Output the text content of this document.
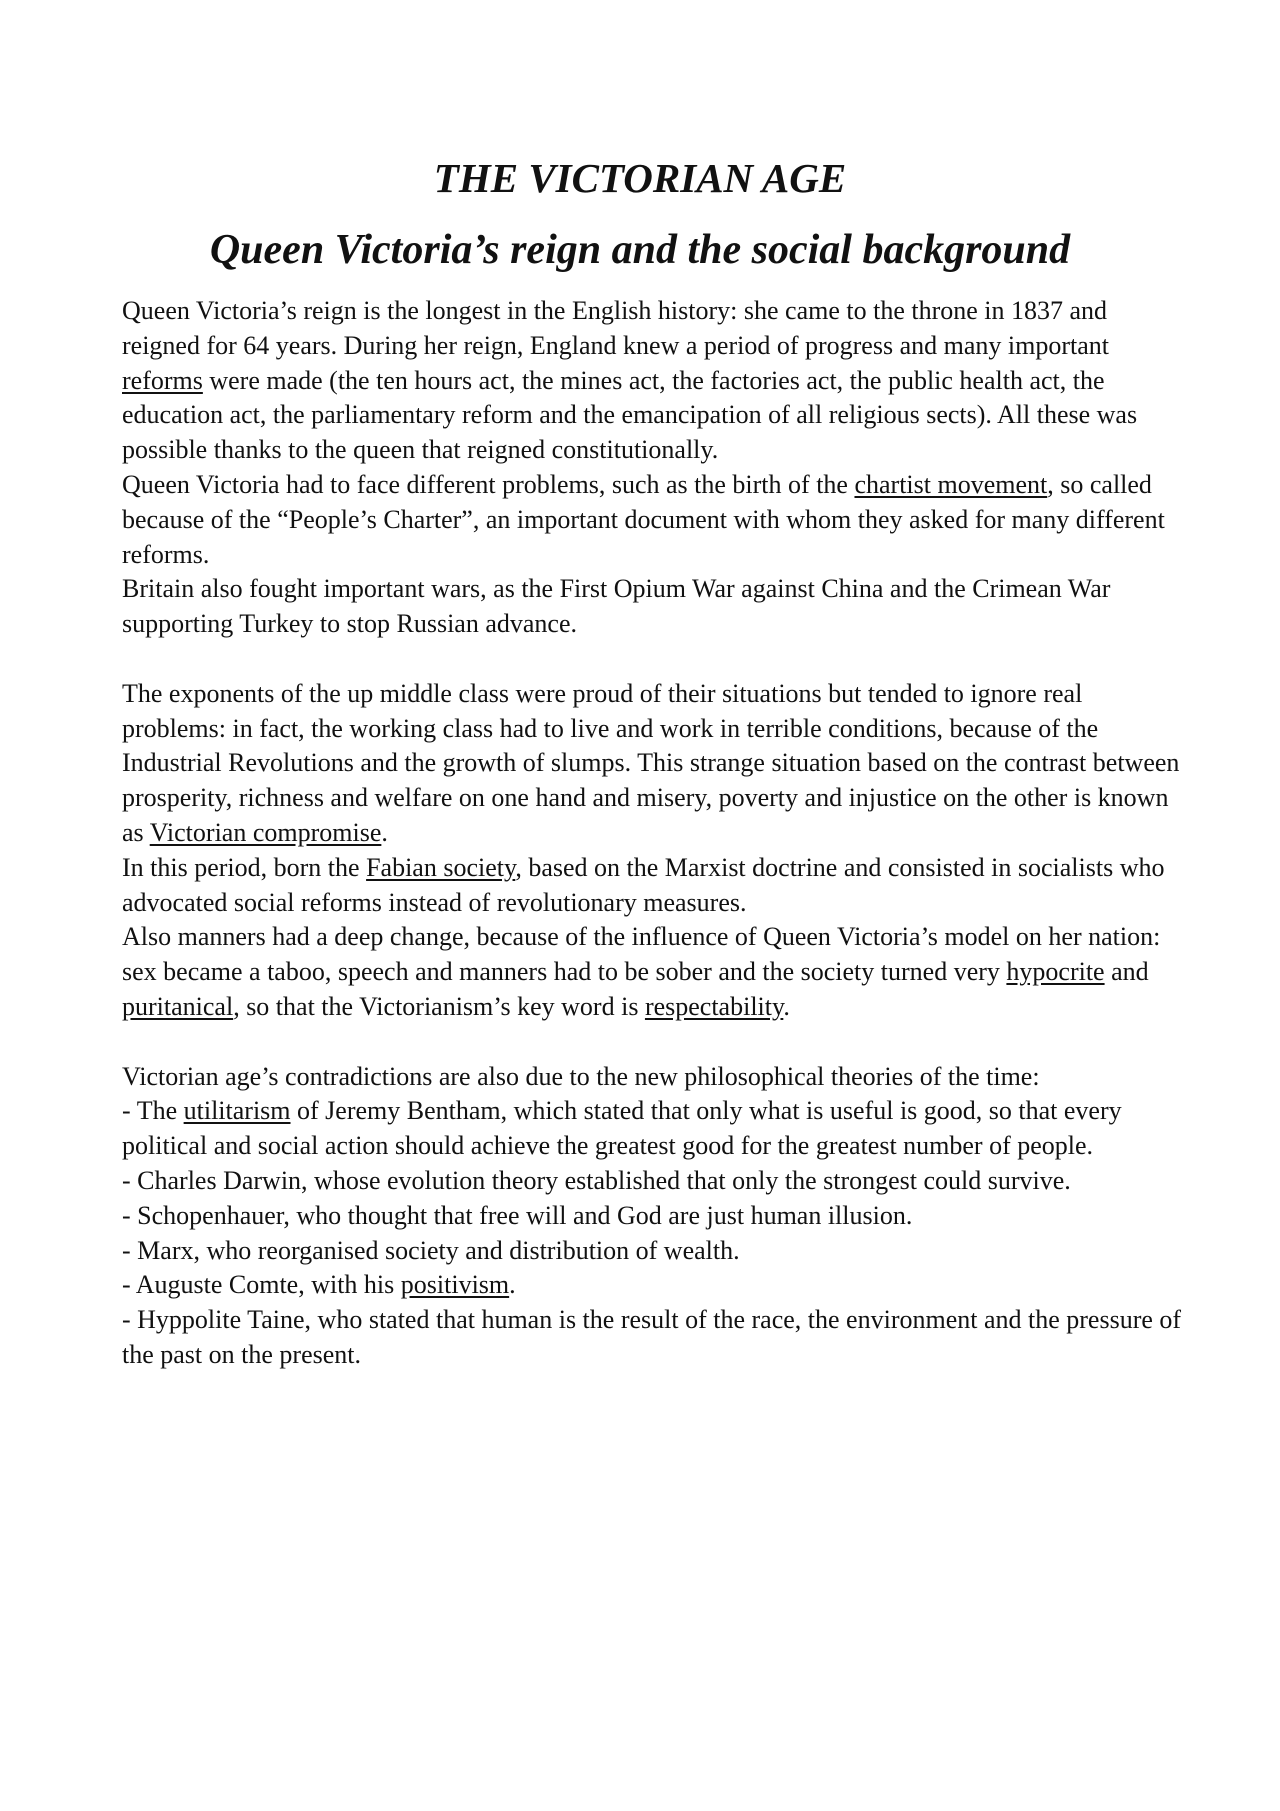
THE VICTORIAN AGE
Queen Victoria’s reign and the social background

Queen Victoria’s reign is the longest in the English history: she came to the throne in 1837 and reigned for 64 years. During her reign, England knew a period of progress and many important reforms were made (the ten hours act, the mines act, the factories act, the public health act, the education act, the parliamentary reform and the emancipation of all religious sects). All these was possible thanks to the queen that reigned constitutionally.

Queen Victoria had to face different problems, such as the birth of the chartist movement, so called because of the “People’s Charter”, an important document with whom they asked for many different reforms.

Britain also fought important wars, as the First Opium War against China and the Crimean War supporting Turkey to stop Russian advance.

The exponents of the up middle class were proud of their situations but tended to ignore real problems: in fact, the working class had to live and work in terrible conditions, because of the Industrial Revolutions and the growth of slumps. This strange situation based on the contrast between prosperity, richness and welfare on one hand and misery, poverty and injustice on the other is known as Victorian compromise.

In this period, born the Fabian society, based on the Marxist doctrine and consisted in socialists who advocated social reforms instead of revolutionary measures.

Also manners had a deep change, because of the influence of Queen Victoria’s model on her nation: sex became a taboo, speech and manners had to be sober and the society turned very hypocrite and puritanical, so that the Victorianism’s key word is respectability.

Victorian age’s contradictions are also due to the new philosophical theories of the time:

- The utilitarism of Jeremy Bentham, which stated that only what is useful is good, so that every political and social action should achieve the greatest good for the greatest number of people.

- Charles Darwin, whose evolution theory established that only the strongest could survive.

- Schopenhauer, who thought that free will and God are just human illusion.

- Marx, who reorganised society and distribution of wealth.

- Auguste Comte, with his positivism.

- Hyppolite Taine, who stated that human is the result of the race, the environment and the pressure of the past on the present.
